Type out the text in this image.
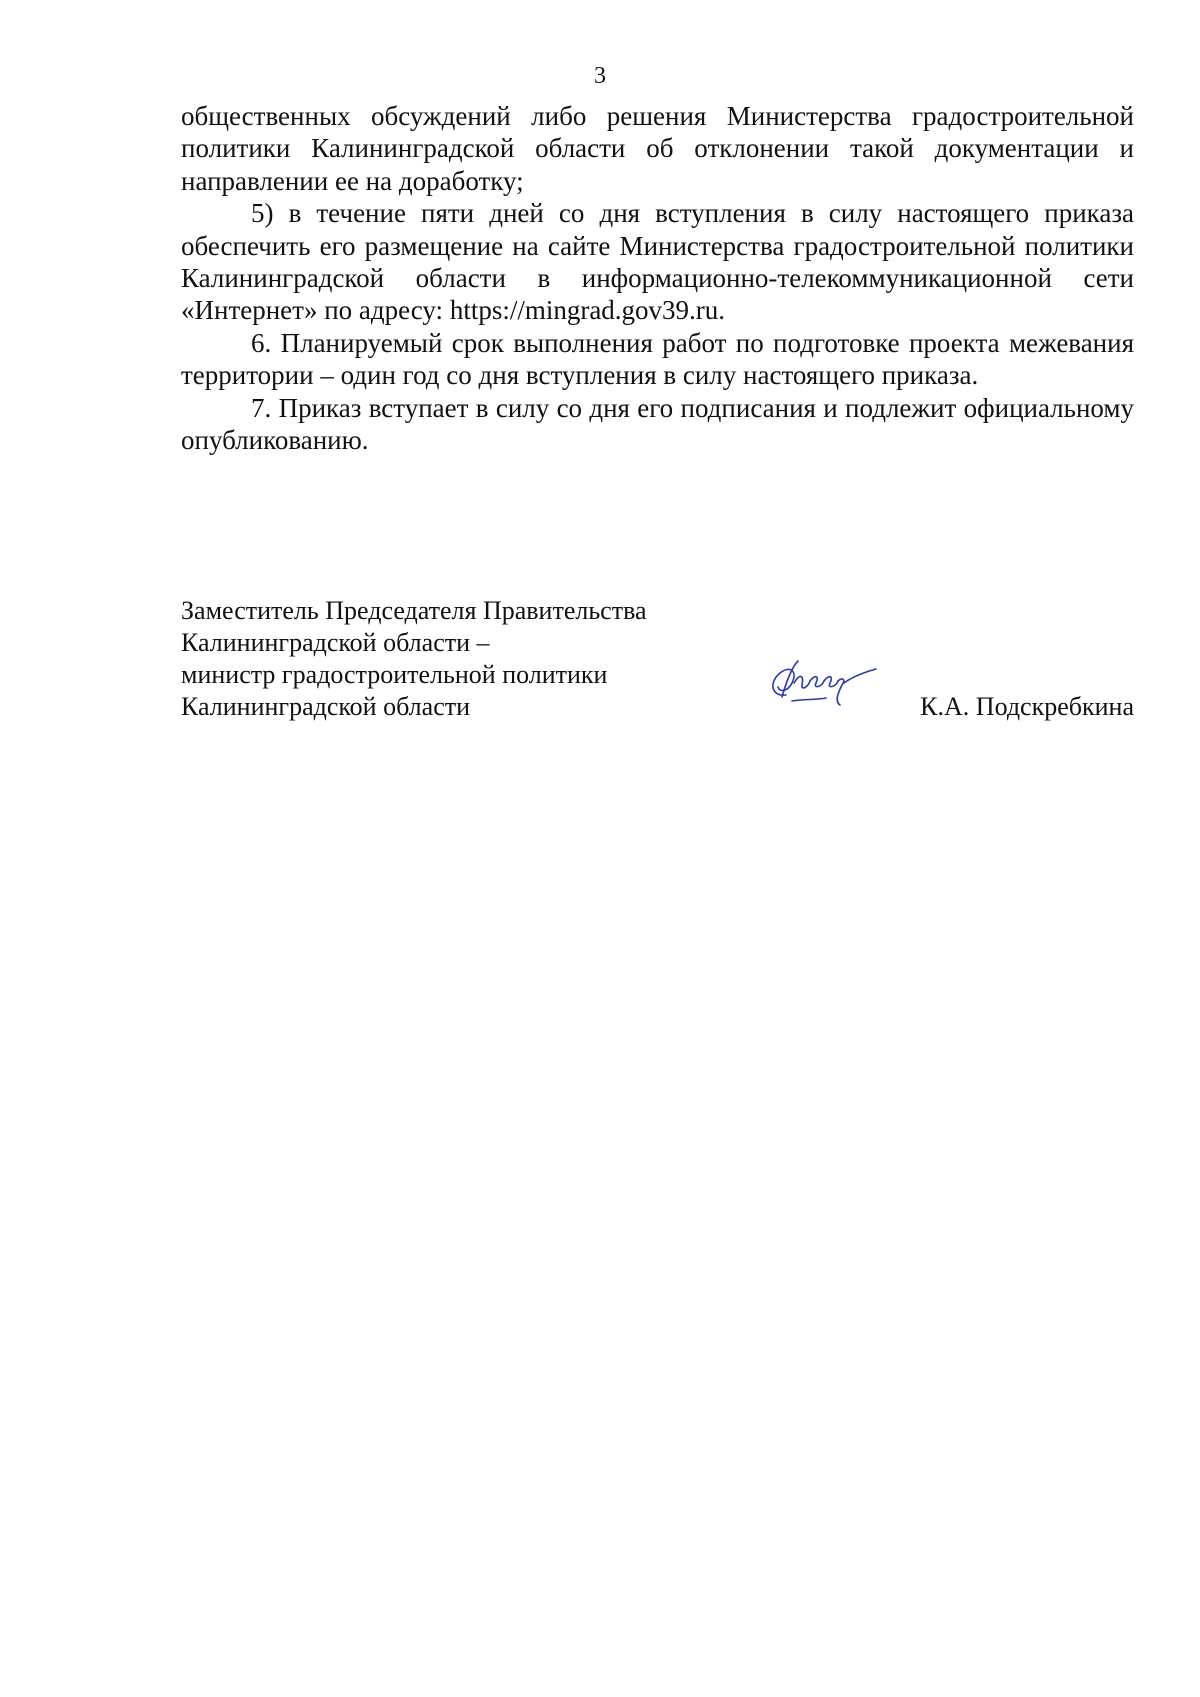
3

общественных обсуждений либо решения Министерства градостроительной политики Калининградской области об отклонении такой документации и направлении ее на доработку;

5) в течение пяти дней со дня вступления в силу настоящего приказа обеспечить его размещение на сайте Министерства градостроительной политики Калининградской области в информационно-телекоммуникационной сети «Интернет» по адресу: https://mingrad.gov39.ru.

6. Планируемый срок выполнения работ по подготовке проекта межевания территории – один год со дня вступления в силу настоящего приказа.

7. Приказ вступает в силу со дня его подписания и подлежит официальному опубликованию.

Заместитель Председателя Правительства
Калининградской области –
министр градостроительной политики
Калининградской области	К.А. Подскребкина
